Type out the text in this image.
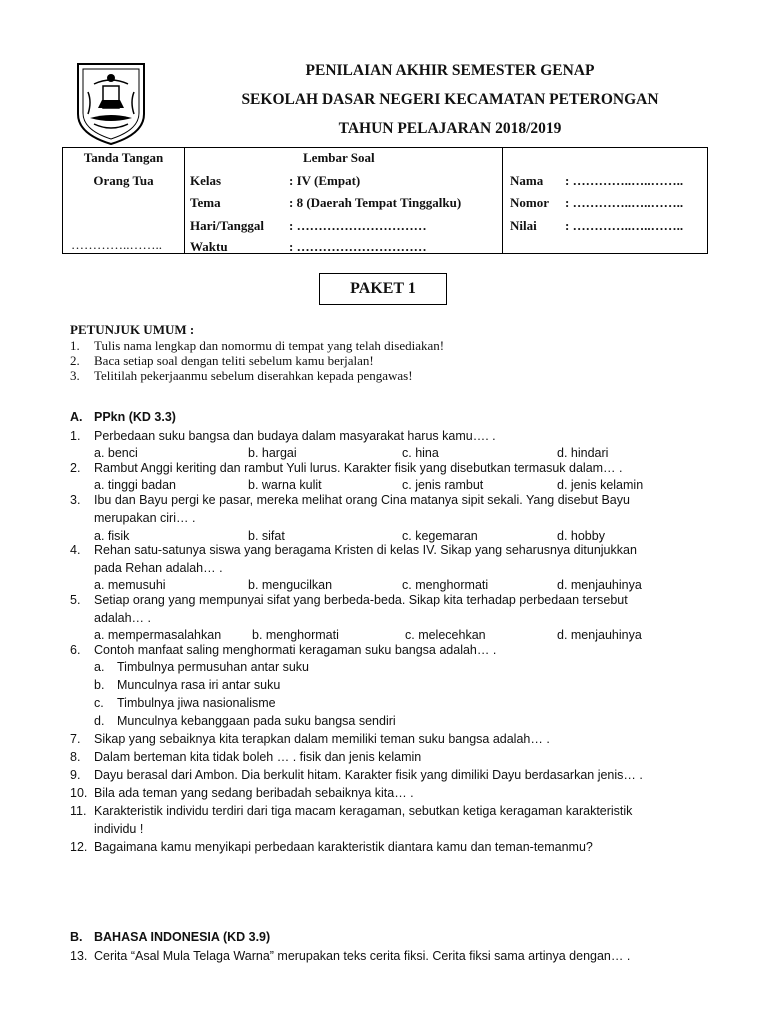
PENILAIAN AKHIR SEMESTER GENAP
SEKOLAH DASAR NEGERI KECAMATAN PETERONGAN
TAHUN PELAJARAN 2018/2019
Tanda Tangan
Orang Tua
…………..……..
Lembar Soal
Kelas	: IV (Empat)
Tema	: 8 (Daerah Tempat Tinggalku)
Hari/Tanggal : …………………………
Waktu	: …………………………
Nama : …………..…..……..
Nomor : …………..…..……..
Nilai : …………..…..……..
PAKET 1
PETUNJUK UMUM :
1. Tulis nama lengkap dan nomormu di tempat yang telah disediakan!
2. Baca setiap soal dengan teliti sebelum kamu berjalan!
3. Telitilah pekerjaanmu sebelum diserahkan kepada pengawas!
A. PPkn (KD 3.3)
1. Perbedaan suku bangsa dan budaya dalam masyarakat harus kamu…. .
a. benci	b. hargai	c. hina	d. hindari
2. Rambut Anggi keriting dan rambut Yuli lurus. Karakter fisik yang disebutkan termasuk dalam… .
a. tinggi badan	b. warna kulit	c. jenis rambut	d. jenis kelamin
3. Ibu dan Bayu pergi ke pasar, mereka melihat orang Cina matanya sipit sekali. Yang disebut Bayu
merupakan ciri… .
a. fisik	b. sifat	c. kegemaran	d. hobby
4. Rehan satu-satunya siswa yang beragama Kristen di kelas IV. Sikap yang seharusnya ditunjukkan
pada Rehan adalah… .
a. memusuhi	b. mengucilkan	c. menghormati	d. menjauhinya
5. Setiap orang yang mempunyai sifat yang berbeda-beda. Sikap kita terhadap perbedaan tersebut
adalah… .
a. mempermasalahkan b. menghormati	c. melecehkan	d. menjauhinya
6. Contoh manfaat saling menghormati keragaman suku bangsa adalah… .
a. Timbulnya permusuhan antar suku
b. Munculnya rasa iri antar suku
c. Timbulnya jiwa nasionalisme
d. Munculnya kebanggaan pada suku bangsa sendiri
7. Sikap yang sebaiknya kita terapkan dalam memiliki teman suku bangsa adalah… .
8. Dalam berteman kita tidak boleh … . fisik dan jenis kelamin
9. Dayu berasal dari Ambon. Dia berkulit hitam. Karakter fisik yang dimiliki Dayu berdasarkan jenis… .
10. Bila ada teman yang sedang beribadah sebaiknya kita… .
11. Karakteristik individu terdiri dari tiga macam keragaman, sebutkan ketiga keragaman karakteristik
individu !
12. Bagaimana kamu menyikapi perbedaan karakteristik diantara kamu dan teman-temanmu?
B. BAHASA INDONESIA (KD 3.9)
13. Cerita “Asal Mula Telaga Warna” merupakan teks cerita fiksi. Cerita fiksi sama artinya dengan… .
